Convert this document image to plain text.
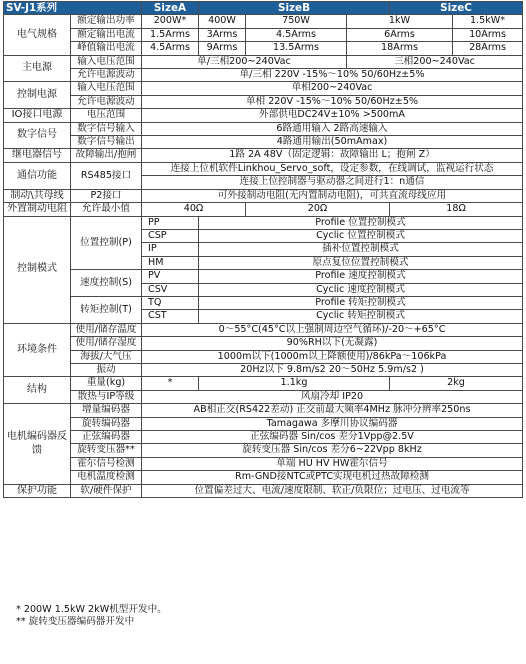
SV-J1系列		SizeA	SizeB			SizeC		
电气规格	额定输出功率	200W*	400W	750W	1kW		1.5kW*	
	额定输出电流	1.5Arms	3Arms	4.5Arms	6Arms		10Arms	
	峰值输出电流	4.5Arms	9Arms	13.5Arms	18Arms		28Arms	
主电源	输入电压范围	单/三相200~240Vac			三相200~240Vac			
	允许电源波动	单/三相 220V -15%～10% 50/60Hz±5%						
控制电源	输入电压范围	单相200~240Vac						
	允许电源波动	单相 220V -15%～10% 50/60Hz±5%						
IO接口电源	电压范围	外部供电DC24V±10% >500mA						
数字信号	数字信号输入	6路通用输入 2路高速输入						
	数字信号输出	4路通用输出(50mAmax)						
继电器信号	故障输出/抱闸	1路 2A 48V（固定逻辑：故障输出 L；抱闸 Z）						
通信功能	RS485接口	连接上位机软件Linkhou_Servo_soft，设定参数，在线调试，监视运行状态						
		连接上位控制器与驱动器之间进行1：n通信						
制动\共母线	P2接口	可外接制动电阻(无内置制动电阻)，可共直流母线应用						
外置制动电阻	允许最小值	40Ω		20Ω		18Ω		
控制模式	位置控制(P)	PP	Profile 位置控制模式					
		CSP	Cyclic 位置控制模式					
		IP	插补位置控制模式					
		HM	原点复位位置控制模式					
	速度控制(S)	PV	Profile 速度控制模式					
		CSV	Cyclic 速度控制模式					
	转矩控制(T)	TQ	Profile 转矩控制模式					
		CST	Cyclic 转矩控制模式					
环境条件	使用/储存温度	0～55°C(45°C以上强制周边空气循环)/-20～+65°C						
	使用/储存湿度	90%RH以下(无凝露)						
	海拔/大气压	1000m以下(1000m以上降额使用)/86kPa～106kPa						
	振动	20Hz以下 9.8m/s2 20～50Hz 5.9m/s2 )						
结构	重量(kg)	*	1.1kg			2kg		
	散热与IP等级	风扇冷却 IP20						
电机编码器反馈	增量编码器	AB相正交(RS422差动) 正交前最大频率4MHz 脉冲分辨率250ns						
	旋转编码器	Tamagawa 多摩川协议编码器						
	正弦编码器	正弦编码器 Sin/cos 差分1Vpp@2.5V						
	旋转变压器**	旋转变压器 Sin/cos 差分6~22Vpp 8kHz						
	霍尔信号检测	单端 HU HV HW霍尔信号						
	电机温度检测	Rm-GND接NTC或PTC实现电机过热故障检测						
保护功能	软/硬件保护	位置偏差过大、电流/速度限制、软正/负限位；过电压、过电流等						
* 200W 1.5kW 2kW机型开发中。
** 旋转变压器编码器开发中
